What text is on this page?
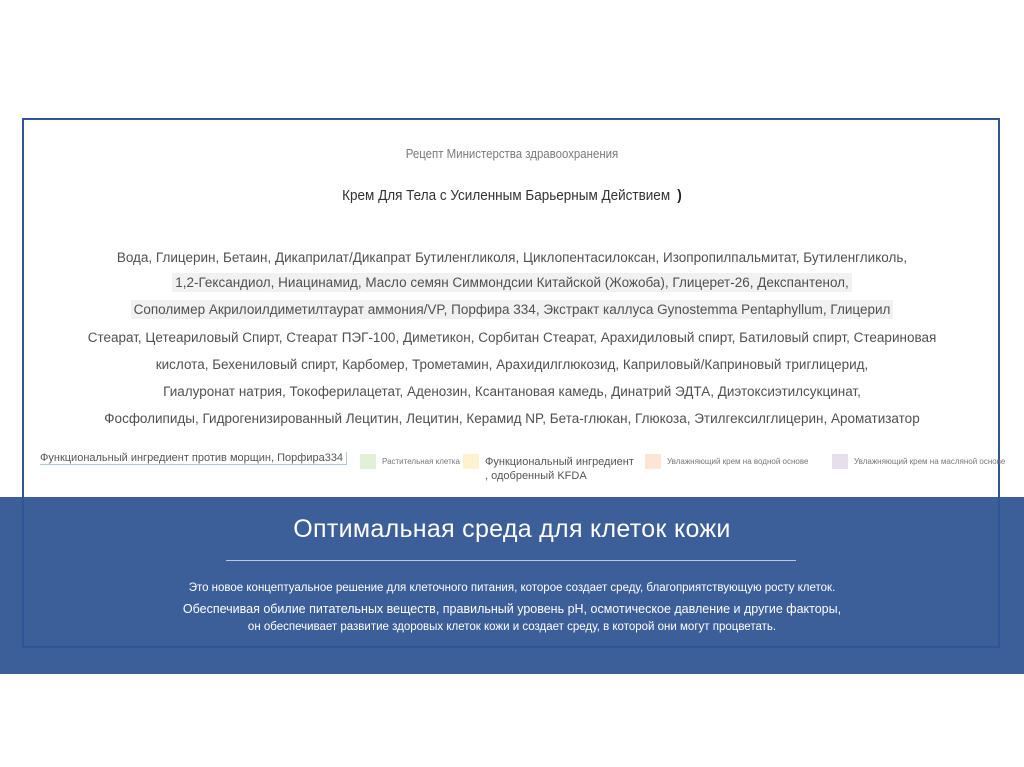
Рецепт Министерства здравоохранения
Крем Для Тела с Усиленным Барьерным Действием )
Вода, Глицерин, Бетаин, Дикаприлат/Дикапрат Бутиленгликоля, Циклопентасилоксан, Изопропилпальмитат, Бутиленгликоль,
1,2-Гександиол, Ниацинамид, Масло семян Симмондсии Китайской (Жожоба), Глицерет-26, Декспантенол,
Сополимер Акрилоилдиметилтаурат аммония/VP, Порфира 334, Экстракт каллуса Gynostemma Pentaphyllum, Глицерил
Стеарат, Цетеариловый Спирт, Стеарат ПЭГ-100, Диметикон, Сорбитан Стеарат, Арахидиловый спирт, Батиловый спирт, Стеариновая
кислота, Бехениловый спирт, Карбомер, Трометамин, Арахидилглюкозид, Каприловый/Каприновый триглицерид,
Гиалуронат натрия, Токоферилацетат, Аденозин, Ксантановая камедь, Динатрий ЭДТА, Диэтоксиэтилсукцинат,
Фосфолипиды, Гидрогенизированный Лецитин, Лецитин, Керамид NP, Бета-глюкан, Глюкоза, Этилгексилглицерин, Ароматизатор
Функциональный ингредиент против морщин, Порфира334	Растительная клетка Функциональный ингредиент
, одобренный KFDA
Увлажняющий крем на водной основе	Увлажняющий крем на масляной основе
Оптимальная среда для клеток кожи
Это новое концептуальное решение для клеточного питания, которое создает среду, благоприятствующую росту клеток.
Обеспечивая обилие питательных веществ, правильный уровень pH, осмотическое давление и другие факторы,
он обеспечивает развитие здоровых клеток кожи и создает среду, в которой они могут процветать.
